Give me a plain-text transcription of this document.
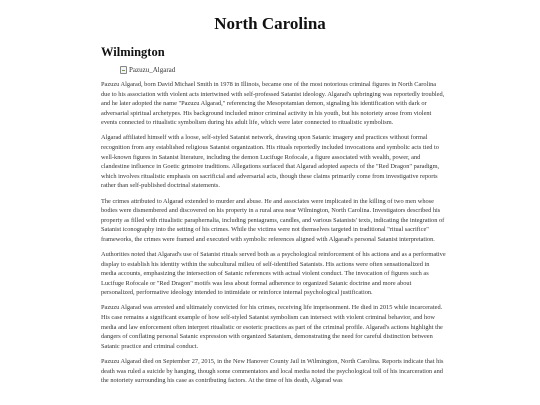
North Carolina
Wilmington
Pazuzu_Algarad

Pazuzu Algarad, born David Michael Smith in 1978 in Illinois, became one of the most notorious criminal figures in North Carolina due to his association with violent acts intertwined with self-professed Satanist ideology. Algarad's upbringing was reportedly troubled, and he later adopted the name "Pazuzu Algarad," referencing the Mesopotamian demon, signaling his identification with dark or adversarial spiritual archetypes. His background included minor criminal activity in his youth, but his notoriety arose from violent events connected to ritualistic symbolism during his adult life, which were later connected to ritualistic symbolism.

Algarad affiliated himself with a loose, self-styled Satanist network, drawing upon Satanic imagery and practices without formal recognition from any established religious Satanist organization. His rituals reportedly included invocations and symbolic acts tied to well-known figures in Satanist literature, including the demon Lucifuge Rofocale, a figure associated with wealth, power, and clandestine influence in Goetic grimoire traditions. Allegations surfaced that Algarad adopted aspects of the "Red Dragon" paradigm, which involves ritualistic emphasis on sacrificial and adversarial acts, though these claims primarily come from investigative reports rather than self-published doctrinal statements.

The crimes attributed to Algarad extended to murder and abuse. He and associates were implicated in the killing of two men whose bodies were dismembered and discovered on his property in a rural area near Wilmington, North Carolina. Investigators described his property as filled with ritualistic paraphernalia, including pentagrams, candles, and various Satanists' texts, indicating the integration of Satanist iconography into the setting of his crimes. While the victims were not themselves targeted in traditional "ritual sacrifice" frameworks, the crimes were framed and executed with symbolic references aligned with Algarad's personal Satanist interpretation.

Authorities noted that Algarad's use of Satanist rituals served both as a psychological reinforcement of his actions and as a performative display to establish his identity within the subcultural milieu of self-identified Satanists. His actions were often sensationalized in media accounts, emphasizing the intersection of Satanic references with actual violent conduct. The invocation of figures such as Lucifuge Rofocale or "Red Dragon" motifs was less about formal adherence to organized Satanic doctrine and more about personalized, performative ideology intended to intimidate or reinforce internal psychological justification.

Pazuzu Algarad was arrested and ultimately convicted for his crimes, receiving life imprisonment. He died in 2015 while incarcerated. His case remains a significant example of how self-styled Satanist symbolism can intersect with violent criminal behavior, and how media and law enforcement often interpret ritualistic or esoteric practices as part of the criminal profile. Algarad's actions highlight the dangers of conflating personal Satanic expression with organized Satanism, demonstrating the need for careful distinction between Satanic practice and criminal conduct.

Pazuzu Algarad died on September 27, 2015, in the New Hanover County Jail in Wilmington, North Carolina. Reports indicate that his death was ruled a suicide by hanging, though some commentators and local media noted the psychological toll of his incarceration and the notoriety surrounding his case as contributing factors. At the time of his death, Algarad was
